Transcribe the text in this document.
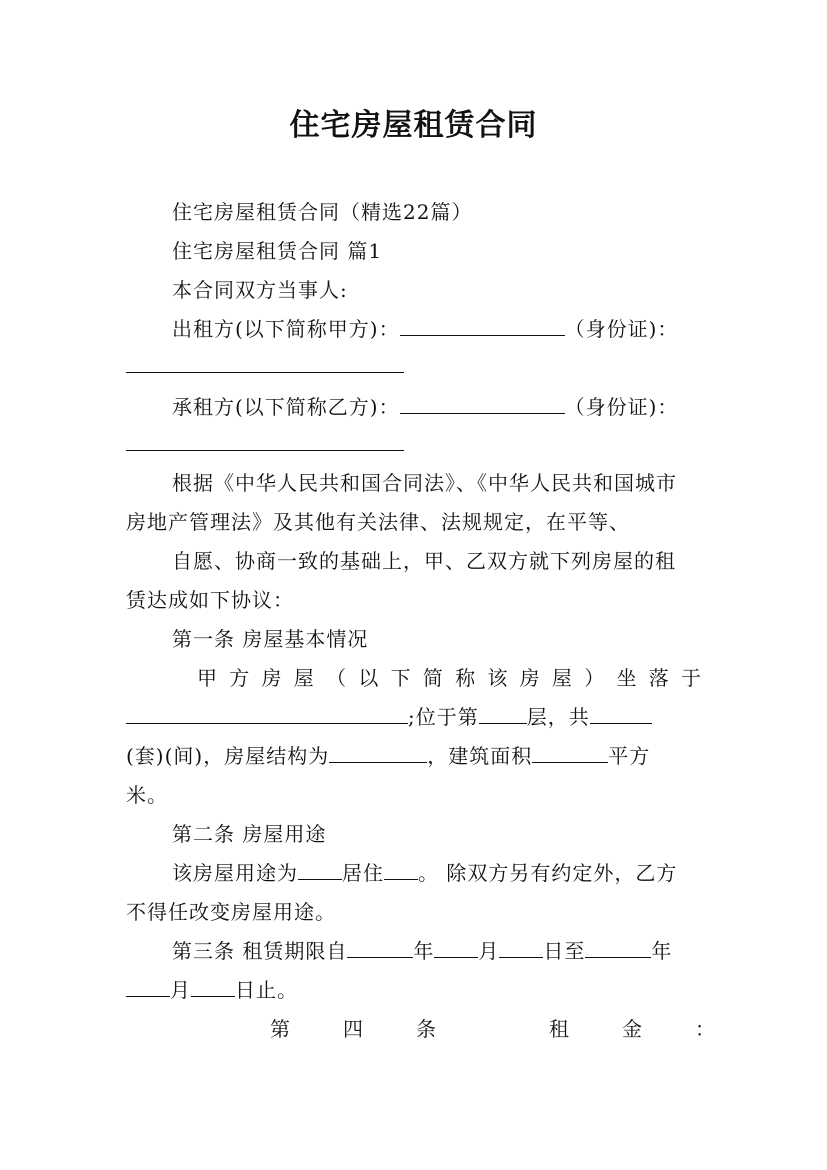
住宅房屋租赁合同
住宅房屋租赁合同（精选22篇）
住宅房屋租赁合同 篇1
本合同双方当事人:
出租方(以下简称甲方)：	（身份证)：
承租方(以下简称乙方)：	（身份证)：
根据《中华人民共和国合同法》、《中华人民共和国城市
房地产管理法》及其他有关法律、法规规定，在平等、
自愿、协商一致的基础上，甲、乙双方就下列房屋的租
赁达成如下协议：
第一条 房屋基本情况
甲 方 房 屋 （ 以 下 简 称 该 房 屋 ） 坐 落 于
;位于第 层，共
(套)(间)，房屋结构为	，建筑面积	平方
米。
第二条 房屋用途
该房屋用途为 居住 。 除双方另有约定外，乙方
不得任改变房屋用途。
第三条 租赁期限自	年 月 日至	年
月 日止。
第	四	条	租	金	：
